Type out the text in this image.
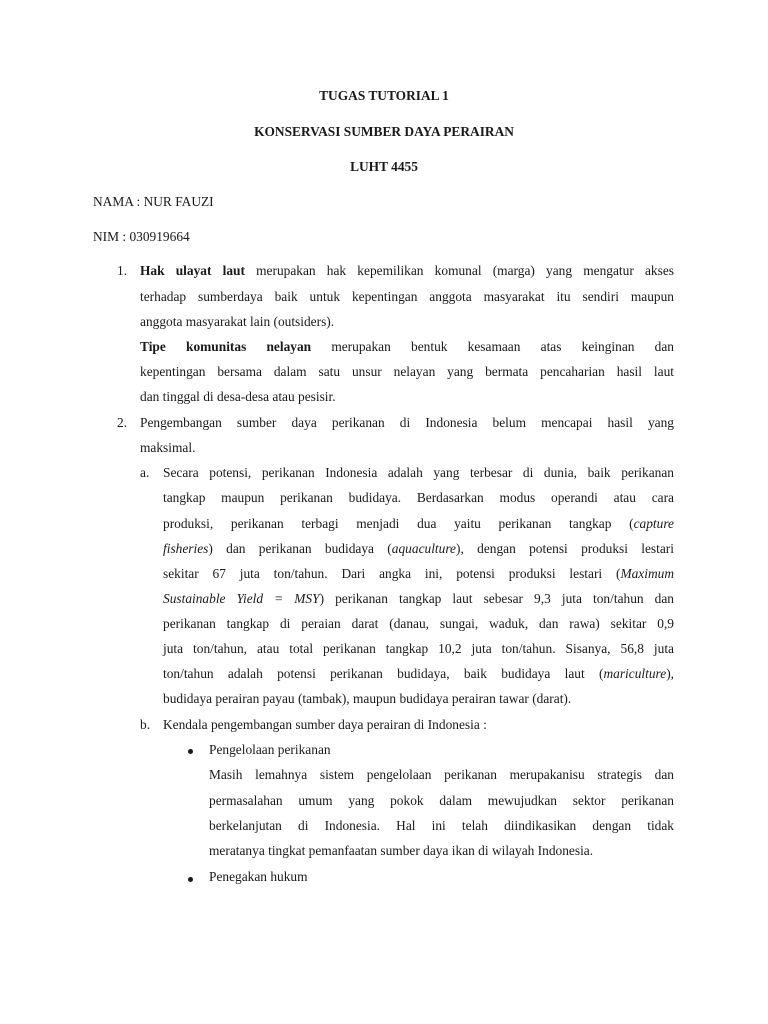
TUGAS TUTORIAL 1
KONSERVASI SUMBER DAYA PERAIRAN
LUHT 4455
NAMA : NUR FAUZI
NIM : 030919664
1. Hak ulayat laut merupakan hak kepemilikan komunal (marga) yang mengatur akses
terhadap sumberdaya baik untuk kepentingan anggota masyarakat itu sendiri maupun
anggota masyarakat lain (outsiders).
Tipe komunitas nelayan merupakan bentuk kesamaan atas keinginan dan
kepentingan bersama dalam satu unsur nelayan yang bermata pencaharian hasil laut
dan tinggal di desa-desa atau pesisir.
2. Pengembangan sumber daya perikanan di Indonesia belum mencapai hasil yang
maksimal.
a. Secara potensi, perikanan Indonesia adalah yang terbesar di dunia, baik perikanan
tangkap maupun perikanan budidaya. Berdasarkan modus operandi atau cara
produksi, perikanan terbagi menjadi dua yaitu perikanan tangkap (capture
fisheries) dan perikanan budidaya (aquaculture), dengan potensi produksi lestari
sekitar 67 juta ton/tahun. Dari angka ini, potensi produksi lestari (Maximum
Sustainable Yield = MSY) perikanan tangkap laut sebesar 9,3 juta ton/tahun dan
perikanan tangkap di peraian darat (danau, sungai, waduk, dan rawa) sekitar 0,9
juta ton/tahun, atau total perikanan tangkap 10,2 juta ton/tahun. Sisanya, 56,8 juta
ton/tahun adalah potensi perikanan budidaya, baik budidaya laut (mariculture),
budidaya perairan payau (tambak), maupun budidaya perairan tawar (darat).
b. Kendala pengembangan sumber daya perairan di Indonesia :
Pengelolaan perikanan
Masih lemahnya sistem pengelolaan perikanan merupakanisu strategis dan
permasalahan umum yang pokok dalam mewujudkan sektor perikanan
berkelanjutan di Indonesia. Hal ini telah diindikasikan dengan tidak
meratanya tingkat pemanfaatan sumber daya ikan di wilayah Indonesia.
Penegakan hukum
